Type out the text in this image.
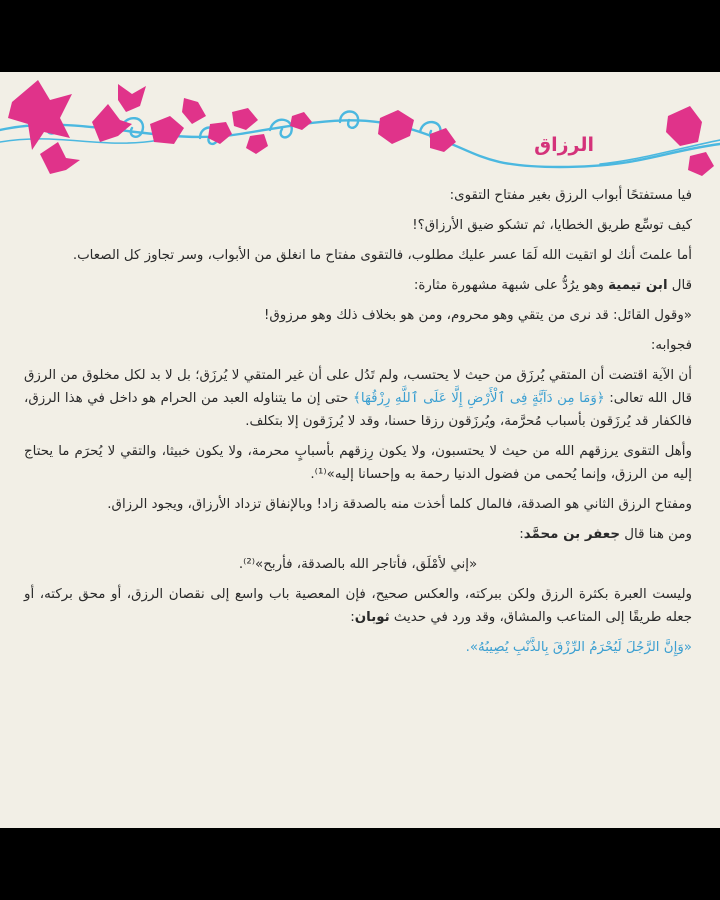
الرزاق

فيا مستفتحًا أبواب الرزق بغير مفتاح التقوى:

كيف توسِّع طريق الخطايا، ثم تشكو ضيق الأرزاق؟!

أما علمتَ أنك لو اتقيت الله لَمَا عسر عليك مطلوب، فالتقوى مفتاح ما انغلق من الأبواب، وسر تجاوز كل الصعاب.

قال ابن تيمية وهو يرُدُّ على شبهة مشهورة مثارة:

«وقول القائل: قد نرى من يتقي وهو محروم، ومن هو بخلاف ذلك وهو مرزوق!

فجوابه:

أن الآية اقتضت أن المتقي يُرزَق من حيث لا يحتسب، ولم تَدُل على أن غير المتقي لا يُرزَق؛ بل لا بد لكل مخلوق من الرزق قال الله تعالى: ﴿وَمَا مِن دَآبَّةٍ فِى ٱلْأَرْضِ إِلَّا عَلَى ٱللَّهِ رِزْقُهَا﴾ حتى إن ما يتناوله العبد من الحرام هو داخل في هذا الرزق، فالكفار قد يُرزَقون بأسباب مُحرَّمة، ويُرزَقون رزقا حسنا، وقد لا يُرزَقون إلا بتكلف.

وأهل التقوى يرزقهم الله من حيث لا يحتسبون، ولا يكون رِزقهم بأسبابٍ محرمة، ولا يكون خبيثا، والتقي لا يُحرَم ما يحتاج إليه من الرزق، وإنما يُحمى من فضول الدنيا رحمة به وإحسانا إليه»⁽¹⁾.

ومفتاح الرزق الثاني هو الصدقة، فالمال كلما أخذت منه بالصدقة زاد! وبالإنفاق تزداد الأرزاق، ويجود الرزاق.

ومن هنا قال جعفر بن محمَّد:

«إني لأمْلَق، فأتاجر الله بالصدقة، فأربح»⁽²⁾.

وليست العبرة بكثرة الرزق ولكن ببركته، والعكس صحيح، فإن المعصية باب واسع إلى نقصان الرزق، أو محق بركته، أو جعله طريقًا إلى المتاعب والمشاق، وقد ورد في حديث ثوبان:

«وَإِنَّ الرَّجُلَ لَيُحْرَمُ الرِّزْقَ بِالذَّنْبِ يُصِيبُهُ».
